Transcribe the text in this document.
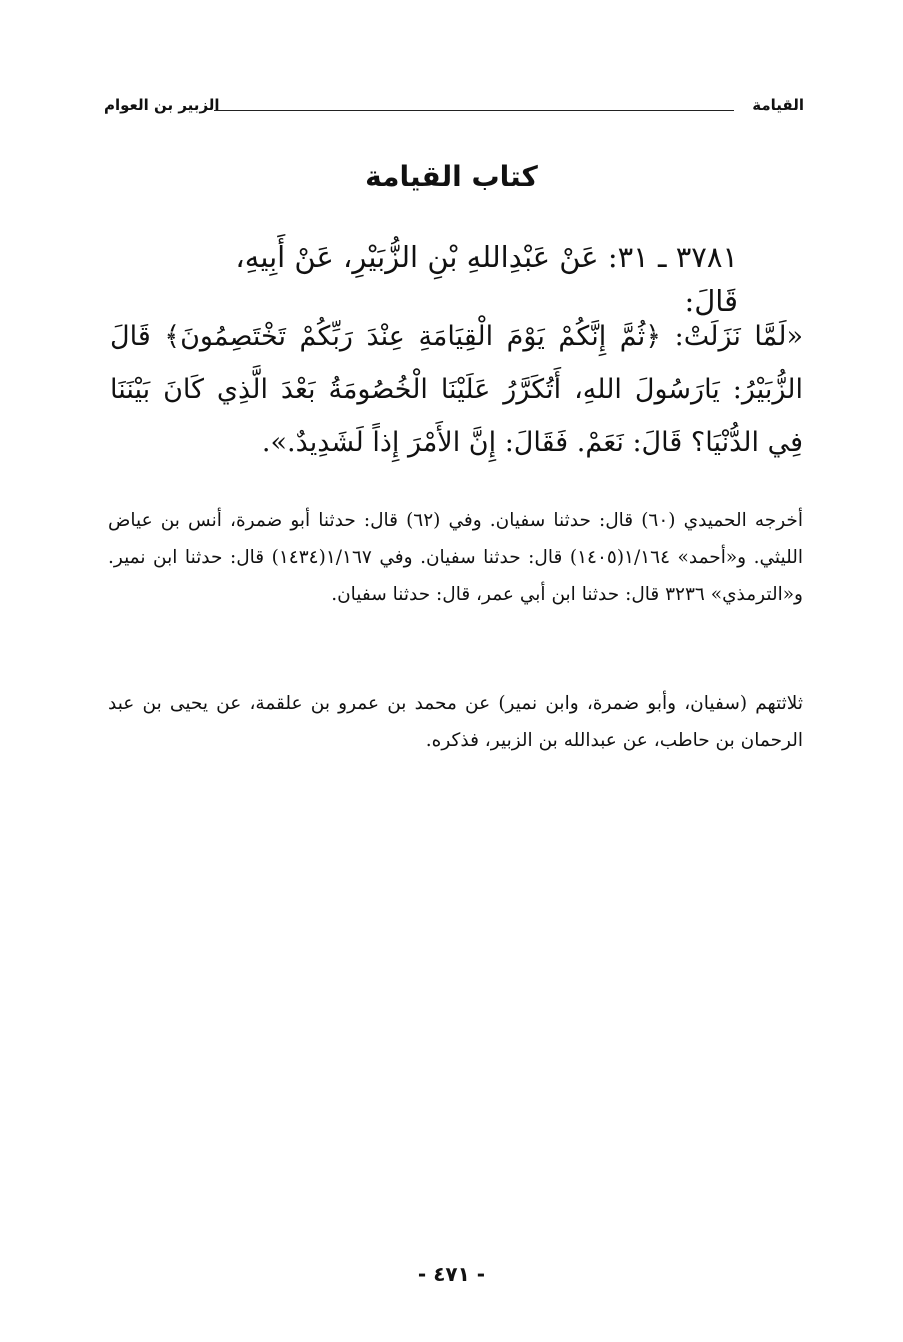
القيامة
الزبير بن العوام
كتاب القيامة
٣٧٨١ ـ ٣١: عَنْ عَبْدِاللهِ بْنِ الزُّبَيْرِ، عَنْ أَبِيهِ، قَالَ:
«لَمَّا نَزَلَتْ: ﴿ثُمَّ إِنَّكُمْ يَوْمَ الْقِيَامَةِ عِنْدَ رَبِّكُمْ تَخْتَصِمُونَ﴾ قَالَ الزُّبَيْرُ: يَارَسُولَ اللهِ، أَتُكَرَّرُ عَلَيْنَا الْخُصُومَةُ بَعْدَ الَّذِي كَانَ بَيْنَنَا فِي الدُّنْيَا؟ قَالَ: نَعَمْ. فَقَالَ: إِنَّ الأَمْرَ إِذاً لَشَدِيدٌ.».
أخرجه الحميدي (٦٠) قال: حدثنا سفيان. وفي (٦٢) قال: حدثنا أبو ضمرة، أنس بن عياض الليثي. و«أحمد» ١/١٦٤(١٤٠٥) قال: حدثنا سفيان. وفي ١/١٦٧(١٤٣٤) قال: حدثنا ابن نمير. و«الترمذي» ٣٢٣٦ قال: حدثنا ابن أبي عمر، قال: حدثنا سفيان.
ثلاثتهم (سفيان، وأبو ضمرة، وابن نمير) عن محمد بن عمرو بن علقمة، عن يحيى بن عبد الرحمان بن حاطب، عن عبدالله بن الزبير، فذكره.
- ٤٧١ -
